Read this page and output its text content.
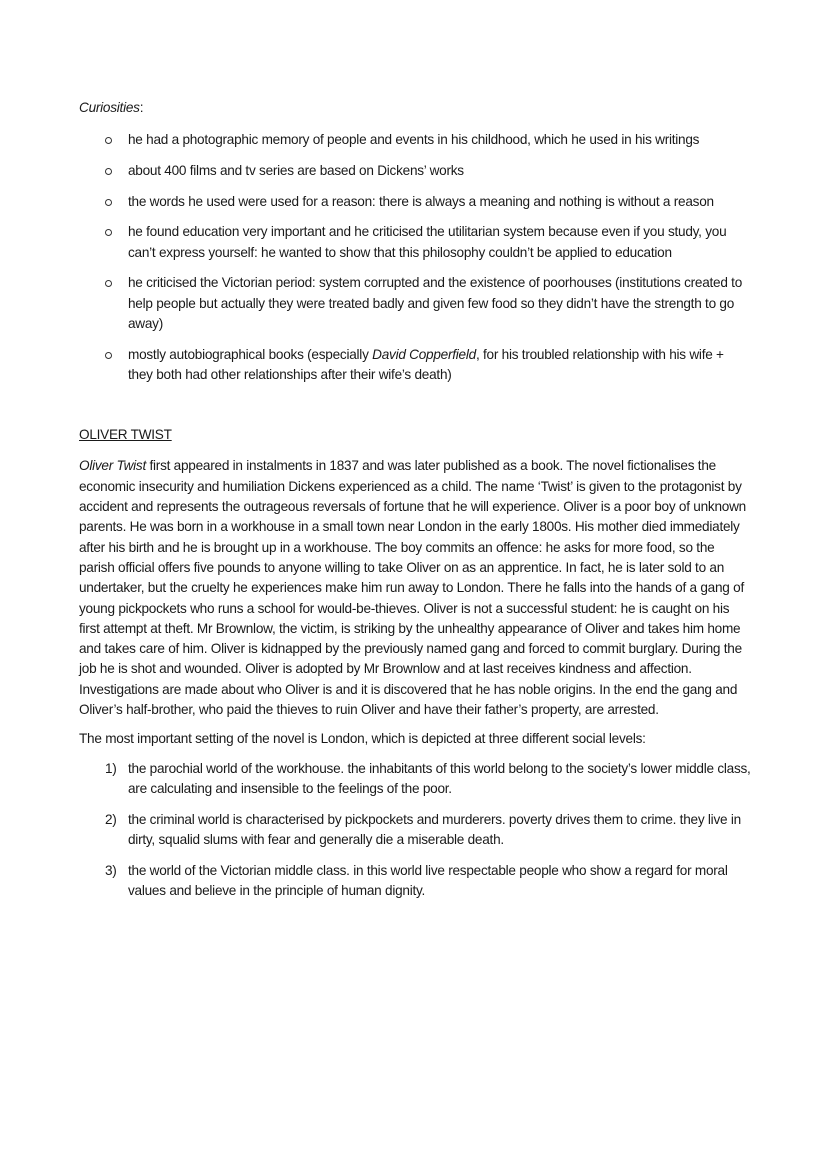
Curiosities:

he had a photographic memory of people and events in his childhood, which he used in his writings
about 400 films and tv series are based on Dickens’ works
the words he used were used for a reason: there is always a meaning and nothing is without a reason
he found education very important and he criticised the utilitarian system because even if you study, you can’t express yourself: he wanted to show that this philosophy couldn’t be applied to education
he criticised the Victorian period: system corrupted and the existence of poorhouses (institutions created to help people but actually they were treated badly and given few food so they didn’t have the strength to go away)
mostly autobiographical books (especially David Copperfield, for his troubled relationship with his wife + they both had other relationships after their wife’s death)

OLIVER TWIST

Oliver Twist first appeared in instalments in 1837 and was later published as a book. The novel fictionalises the economic insecurity and humiliation Dickens experienced as a child. The name ‘Twist’ is given to the protagonist by accident and represents the outrageous reversals of fortune that he will experience. Oliver is a poor boy of unknown parents. He was born in a workhouse in a small town near London in the early 1800s. His mother died immediately after his birth and he is brought up in a workhouse. The boy commits an offence: he asks for more food, so the parish official offers five pounds to anyone willing to take Oliver on as an apprentice. In fact, he is later sold to an undertaker, but the cruelty he experiences make him run away to London. There he falls into the hands of a gang of young pickpockets who runs a school for would-be-thieves. Oliver is not a successful student: he is caught on his first attempt at theft. Mr Brownlow, the victim, is striking by the unhealthy appearance of Oliver and takes him home and takes care of him. Oliver is kidnapped by the previously named gang and forced to commit burglary. During the job he is shot and wounded. Oliver is adopted by Mr Brownlow and at last receives kindness and affection. Investigations are made about who Oliver is and it is discovered that he has noble origins. In the end the gang and Oliver’s half-brother, who paid the thieves to ruin Oliver and have their father’s property, are arrested.

The most important setting of the novel is London, which is depicted at three different social levels:

1) the parochial world of the workhouse. the inhabitants of this world belong to the society’s lower middle class, are calculating and insensible to the feelings of the poor.
2) the criminal world is characterised by pickpockets and murderers. poverty drives them to crime. they live in dirty, squalid slums with fear and generally die a miserable death.
3) the world of the Victorian middle class. in this world live respectable people who show a regard for moral values and believe in the principle of human dignity.
